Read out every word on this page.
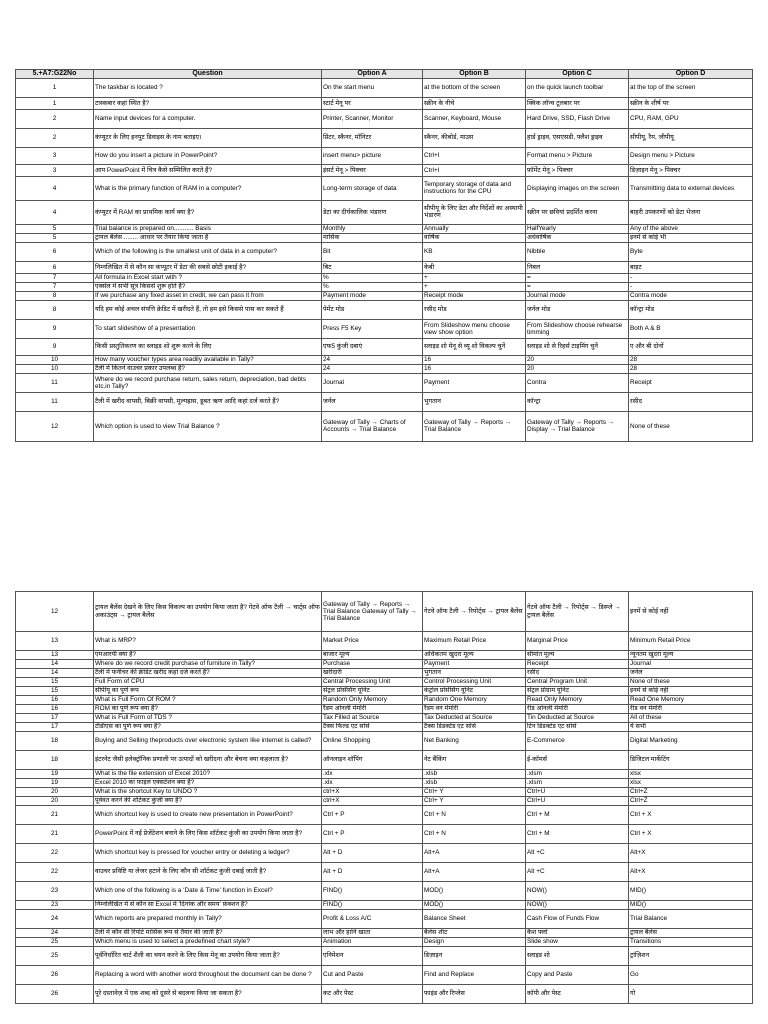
5.+A7:G22No	Question	Option A	Option B	Option C	Option D
1	The taskbar is located ?	On the start menu	at the bottom of the screen	on the quick launch toolbar	at the top of the screen
1	टास्कबार कहां स्थित है?	स्टार्ट मेनू पर	स्क्रीन के नीचे	क्विक लॉन्च टूलबार पर	स्क्रीन के शीर्ष पर
2	Name input devices for a computer.	Printer, Scanner, Monitor	Scanner, Keyboard, Mouse	Hard Drive, SSD, Flash Drive	CPU, RAM, GPU
2	कंप्यूटर के लिए इनपुट डिवाइस के नाम बताइए।	प्रिंटर, स्कैनर, मॉनिटर	स्कैनर, कीबोर्ड, माउस	हार्ड ड्राइव, एसएसडी, फ्लैश ड्राइव	सीपीयू, रैम, जीपीयू
3	How do you insert a picture in PowerPoint?	insert menu> picture	Ctrl+I	Format menu > Picture	Design menu > Picture
3	आप PowerPoint में चित्र कैसे सम्मिलित करते हैं?	इंसर्ट मेनू > पिक्चर	Ctrl+I	फ़ॉर्मेट मेनू > पिक्चर	डिज़ाइन मेनू > पिक्चर
4	What is the primary function of RAM in a computer?	Long-term storage of data	Temporary storage of data and instructions for the CPU	Displaying images on the screen	Transmitting data to external devices
4	कंप्यूटर में RAM का प्राथमिक कार्य क्या है?	डेटा का दीर्घकालिक भंडारण	सीपीयू के लिए डेटा और निर्देशों का अस्थायी भंडारण	स्क्रीन पर छवियां प्रदर्शित करना	बाहरी उपकरणों को डेटा भेजना
5	Trial balance is prepared on........... Basis	Monthly	Annually	HalfYearly	Any of the above
5	ट्रायल बैलेंस ........ आधार पर तैयार किया जाता है	मासिक	वार्षिक	अर्धवार्षिक	इनमें से कोई भी
6	Which of the following is the smallest unit of data in a computer?	Bit	KB	Nibble	Byte
6	निम्नलिखित में से कौन सा कंप्यूटर में डेटा की सबसे छोटी इकाई है?	बिट	केबी	निबल	बाइट
7	All formula in Excel start with ?	%	+	=	-
7	एक्सेल में सभी सूत्र किससे शुरू होते हैं?	%	+	=	-
8	If we purchase any fixed asset in credit, we can pass it from	Payment mode	Receipt mode	Journal mode	Contra mode
8	यदि हम कोई अचल संपत्ति क्रेडिट में खरीदते हैं, तो हम इसे किससे पास कर सकते हैं	पेमेंट मोड	रसीद मोड	जर्नल मोड	कॉन्ट्रा मोड
9	To start slideshow of a presentation	Press F5 Key	From Slideshow menu choose view show option	From Slideshow choose rehearse timming	Both A & B
9	किसी प्रस्तुतिकरण का स्लाइड शो शुरू करने के लिए	एफ5 कुंजी दबाएं	स्लाइड शो मेनू से व्यू शो विकल्प चुनें	स्लाइड शो से रिहर्स टाइमिंग चुनें	ए और बी दोनों
10	How many voucher types area readily available in Tally?	24	16	20	28
10	टैली में कितने वाउचर प्रकार उपलब्ध हैं?	24	16	20	28
11	Where do we record purchase return, sales return, depreciation, bad debts etc.in Tally?	Journal	Payment	Contra	Receipt
11	टैली में खरीद वापसी, बिक्री वापसी, मूल्यह्रास, डूबत ऋण आदि कहां दर्ज करते हैं?	जर्नल	भुगतान	कॉन्ट्रा	रसीद
12	Which option is used to view Trial Balance ?	Gateway of Tally → Charts of Accounts → Trial Balance	Gateway of Tally → Reports → Trial Balance	Gateway of Tally → Reports → Display → Trial Balance	None of these
12	ट्रायल बैलेंस देखने के लिए किस विकल्प का उपयोग किया जाता है? गेटवे ऑफ टैली → चार्ट्स ऑफ अकाउंट्स → ट्रायल बैलेंस	Gateway of Tally → Reports → Trial Balance Gateway of Tally → Trial Balance	गेटवे ऑफ टैली → रिपोर्ट्स → ट्रायल बैलेंस	गेटवे ऑफ टैली → रिपोर्ट्स → डिस्प्ले → ट्रायल बैलेंस	इनमें से कोई नहीं
13	What is MRP?	Market Price	Maximum Retail Price	Marginal Price	Minimum Retail Price
13	एमआरपी क्या है?	बाजार मूल्य	अधिकतम खुदरा मूल्य	सीमांत मूल्य	न्यूनतम खुदरा मूल्य
14	Where do we record credit purchase of furniture in Tally?	Purchase	Payment	Receipt	Journal
14	टैली में फर्नीचर की क्रेडिट खरीद कहां दर्ज करते हैं?	खरीदारी	भुगतान	रसीद	जर्नल
15	Full Form of CPU	Central Processing Unit	Control Processing Unit	Central Program Unit	None of these
15	सीपीयू का पूर्ण रूप	सेंट्रल प्रोसेसिंग यूनिट	कंट्रोल प्रोसेसिंग यूनिट	सेंट्रल प्रोग्राम यूनिट	इनमें से कोई नहीं
16	What is Full Form Of ROM ?	Random Only Memory	Random One Memory	Read Only Memory	Read One Memory
16	ROM का पूर्ण रूप क्या है?	रैंडम ओनली मेमोरी	रैंडम वन मेमोरी	रीड ओनली मेमोरी	रीड वन मेमोरी
17	What is Full Form of TDS ?	Tax Filled at Source	Tax Deducted at Source	Tin Deducted at Source	All of these
17	टीडीएस का पूर्ण रूप क्या है?	टैक्स फिल्ड एट सोर्स	टैक्स डिडक्टेड एट सोर्स	टिन डिडक्टेड एट सोर्स	ये सभी
18	Buying and Selling theproducts over electronic system like internet is called?	Online Shopping	Net Banking	E-Commerce	Digital Marketing
18	इंटरनेट जैसी इलेक्ट्रॉनिक प्रणाली पर उत्पादों को खरीदना और बेचना क्या कहलाता है?	ऑनलाइन शॉपिंग	नेट बैंकिंग	ई-कॉमर्स	डिजिटल मार्केटिंग
19	What is the file extension of Excel 2010?	.xlx	.xlsb	.xlsm	xlsx
19	Excel 2010 का फ़ाइल एक्सटेंशन क्या है?	.xlx	.xlsb	.xlsm	xlsx
20	What is the shortcut Key to UNDO ?	ctrl+X	Ctrl+ Y	Ctrl+U	Ctrl+Z
20	पूर्ववत करने की शॉर्टकट कुंजी क्या है?	ctrl+X	Ctrl+ Y	Ctrl+U	Ctrl+Z
21	Which shortcut key is used to create new presentation in PowerPoint?	Ctrl + P	Ctrl + N	Ctrl + M	Ctrl + X
21	PowerPoint में नई प्रेजेंटेशन बनाने के लिए किस शॉर्टकट कुंजी का उपयोग किया जाता है?	Ctrl + P	Ctrl + N	Ctrl + M	Ctrl + X
22	Which shortcut key is pressed for voucher entry or deleting a ledger?	Alt + D	Alt+A	Alt +C	Alt+X
22	वाउचर प्रविष्टि या लेजर हटाने के लिए कौन सी शॉर्टकट कुंजी दबाई जाती है?	Alt + D	Alt+A	Alt +C	Alt+X
23	Which one of the following is a ‘Date & Time’ function in Excel?	FIND()	MOD()	NOW()	MID()
23	निम्नलिखित में से कौन सा Excel में 'दिनांक और समय' फ़ंक्शन है?	FIND()	MOD()	NOW()	MID()
24	Which reports are prepared monthly in Tally?	Profit & Loss A/C	Balance Sheet	Cash Flow of Funds Flow	Trial Balance
24	टैली में कौन सी रिपोर्ट मासिक रूप से तैयार की जाती है?	लाभ और हानि खाता	बैलेंस शीट	कैश फ्लो	ट्रायल बैलेंस
25	Which menu is used to select a predefined chart style?	Animation	Design	Slide show	Transitions
25	पूर्वनिर्धारित चार्ट शैली का चयन करने के लिए किस मेनू का उपयोग किया जाता है?	एनिमेशन	डिज़ाइन	स्लाइड शो	ट्रांज़िशन
26	Replacing a word with another word throughout the document can be done ?	Cut and Paste	Find and Replace	Copy and Paste	Go
26	पूरे दस्तावेज़ में एक शब्द को दूसरे से बदलना किया जा सकता है?	कट और पेस्ट	फाइंड और रिप्लेस	कॉपी और पेस्ट	गो
